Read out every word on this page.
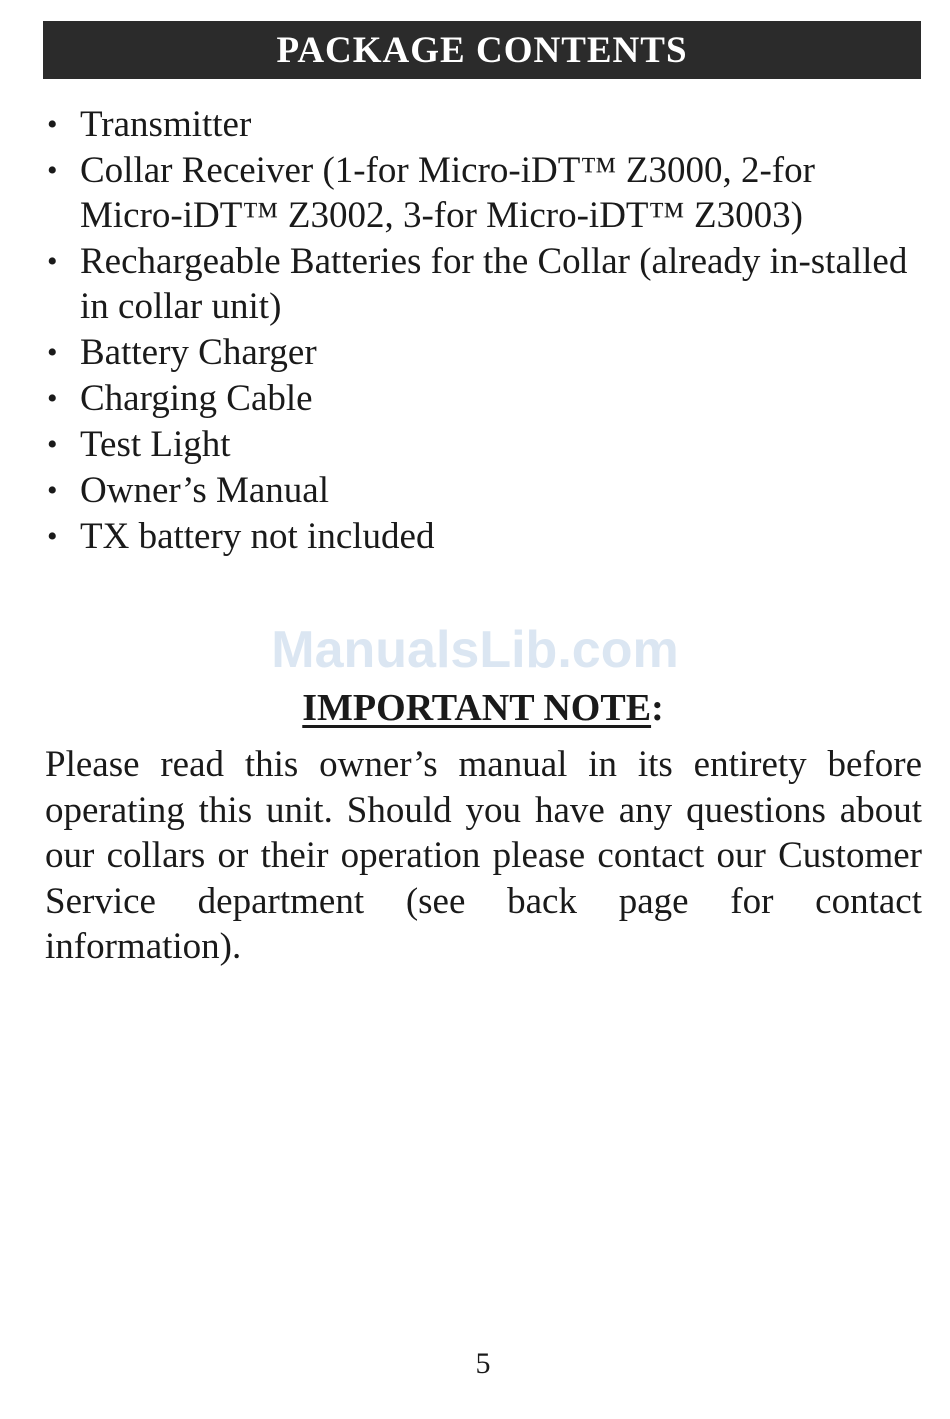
PACKAGE CONTENTS
• Transmitter
• Collar Receiver (1-for Micro-iDT™ Z3000, 2-for Micro-iDT™ Z3002, 3-for Micro-iDT™ Z3003)
• Rechargeable Batteries for the Collar (already in-stalled in collar unit)
• Battery Charger
• Charging Cable
• Test Light
• Owner’s Manual
• TX battery not included
ManualsLib.com
IMPORTANT NOTE:

Please read this owner’s manual in its entirety before operating this unit. Should you have any questions about our collars or their operation please contact our Customer Service department (see back page for contact information).

5
